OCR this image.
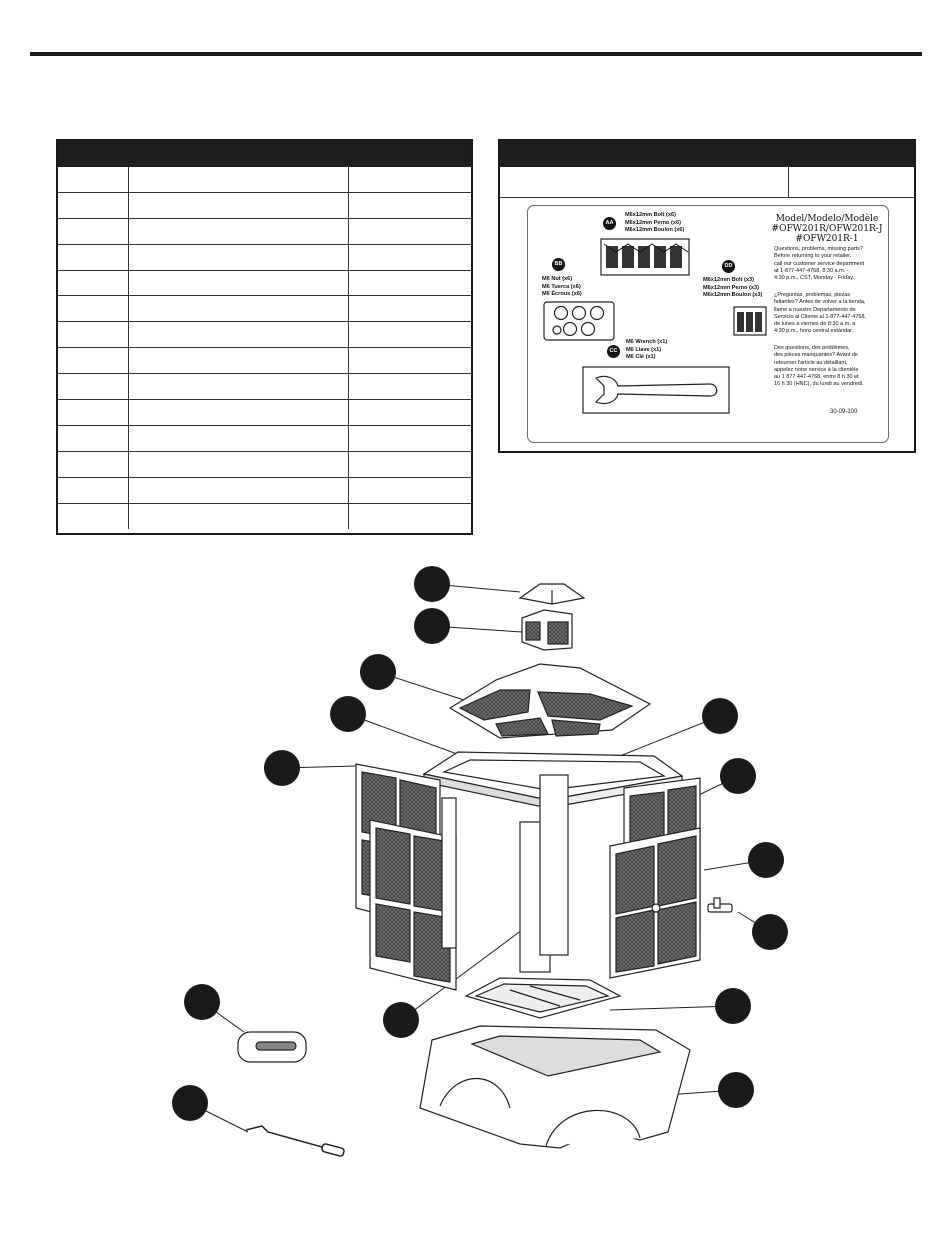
AA
M6x12mm Bolt (x6)
M6x12mm Perno (x6)
M6x12mm Boulon (x6)
BB
M6 Nut (x6)
M6 Tuerca (x6)
M6 Écrous (x6)
CC
M6 Wrench (x1)
M6 Llave (x1)
M6 Clé (x1)
DD
M6x12mm Bolt (x3)
M6x12mm Perno (x3)
M6x12mm Boulon (x3)
Model/Modelo/Modèle
#OFW201R/OFW201R-J
#OFW201R-1
Questions, problems, missing parts?
Before returning to your retailer,
call our customer service department
at 1-877-447-4768, 8:30 a.m. -
4:30 p.m., CST, Monday - Friday.
¿Preguntas, problemas, piezas
faltantes? Antes de volver a la tienda,
llame a nuestro Departamento de
Servicio al Cliente al 1-877-447-4768,
de lunes a viernes de 8:30 a.m. a
4:30 p.m., hora central estándar.
Des questions, des problèmes,
des pièces manquantes? Avant de
retourner l'article au détaillant,
appelez notre service à la clientèle
au 1 877 447-4768, entre 8 h 30 et
16 h 30 (HNC), du lundi au vendredi.
30-09-100
